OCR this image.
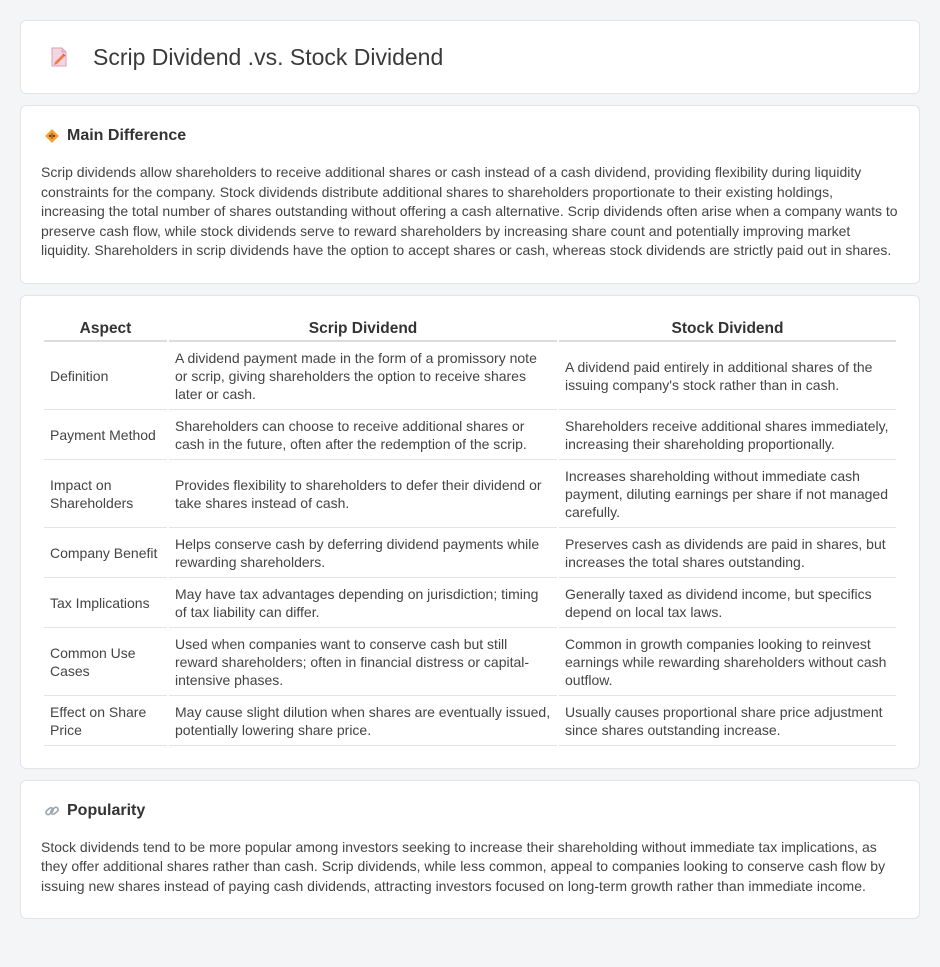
Scrip Dividend .vs. Stock Dividend
Main Difference

Scrip dividends allow shareholders to receive additional shares or cash instead of a cash dividend, providing flexibility during liquidity constraints for the company. Stock dividends distribute additional shares to shareholders proportionate to their existing holdings, increasing the total number of shares outstanding without offering a cash alternative. Scrip dividends often arise when a company wants to preserve cash flow, while stock dividends serve to reward shareholders by increasing share count and potentially improving market liquidity. Shareholders in scrip dividends have the option to accept shares or cash, whereas stock dividends are strictly paid out in shares.

Aspect	Scrip Dividend	Stock Dividend
Definition	A dividend payment made in the form of a promissory note or scrip, giving shareholders the option to receive shares later or cash.	A dividend paid entirely in additional shares of the issuing company's stock rather than in cash.
Payment Method	Shareholders can choose to receive additional shares or cash in the future, often after the redemption of the scrip.	Shareholders receive additional shares immediately, increasing their shareholding proportionally.
Impact on Shareholders	Provides flexibility to shareholders to defer their dividend or take shares instead of cash.	Increases shareholding without immediate cash payment, diluting earnings per share if not managed carefully.
Company Benefit	Helps conserve cash by deferring dividend payments while rewarding shareholders.	Preserves cash as dividends are paid in shares, but increases the total shares outstanding.
Tax Implications	May have tax advantages depending on jurisdiction; timing of tax liability can differ.	Generally taxed as dividend income, but specifics depend on local tax laws.
Common Use Cases	Used when companies want to conserve cash but still reward shareholders; often in financial distress or capital-intensive phases.	Common in growth companies looking to reinvest earnings while rewarding shareholders without cash outflow.
Effect on Share Price	May cause slight dilution when shares are eventually issued, potentially lowering share price.	Usually causes proportional share price adjustment since shares outstanding increase.
Popularity

Stock dividends tend to be more popular among investors seeking to increase their shareholding without immediate tax implications, as they offer additional shares rather than cash. Scrip dividends, while less common, appeal to companies looking to conserve cash flow by issuing new shares instead of paying cash dividends, attracting investors focused on long-term growth rather than immediate income.
